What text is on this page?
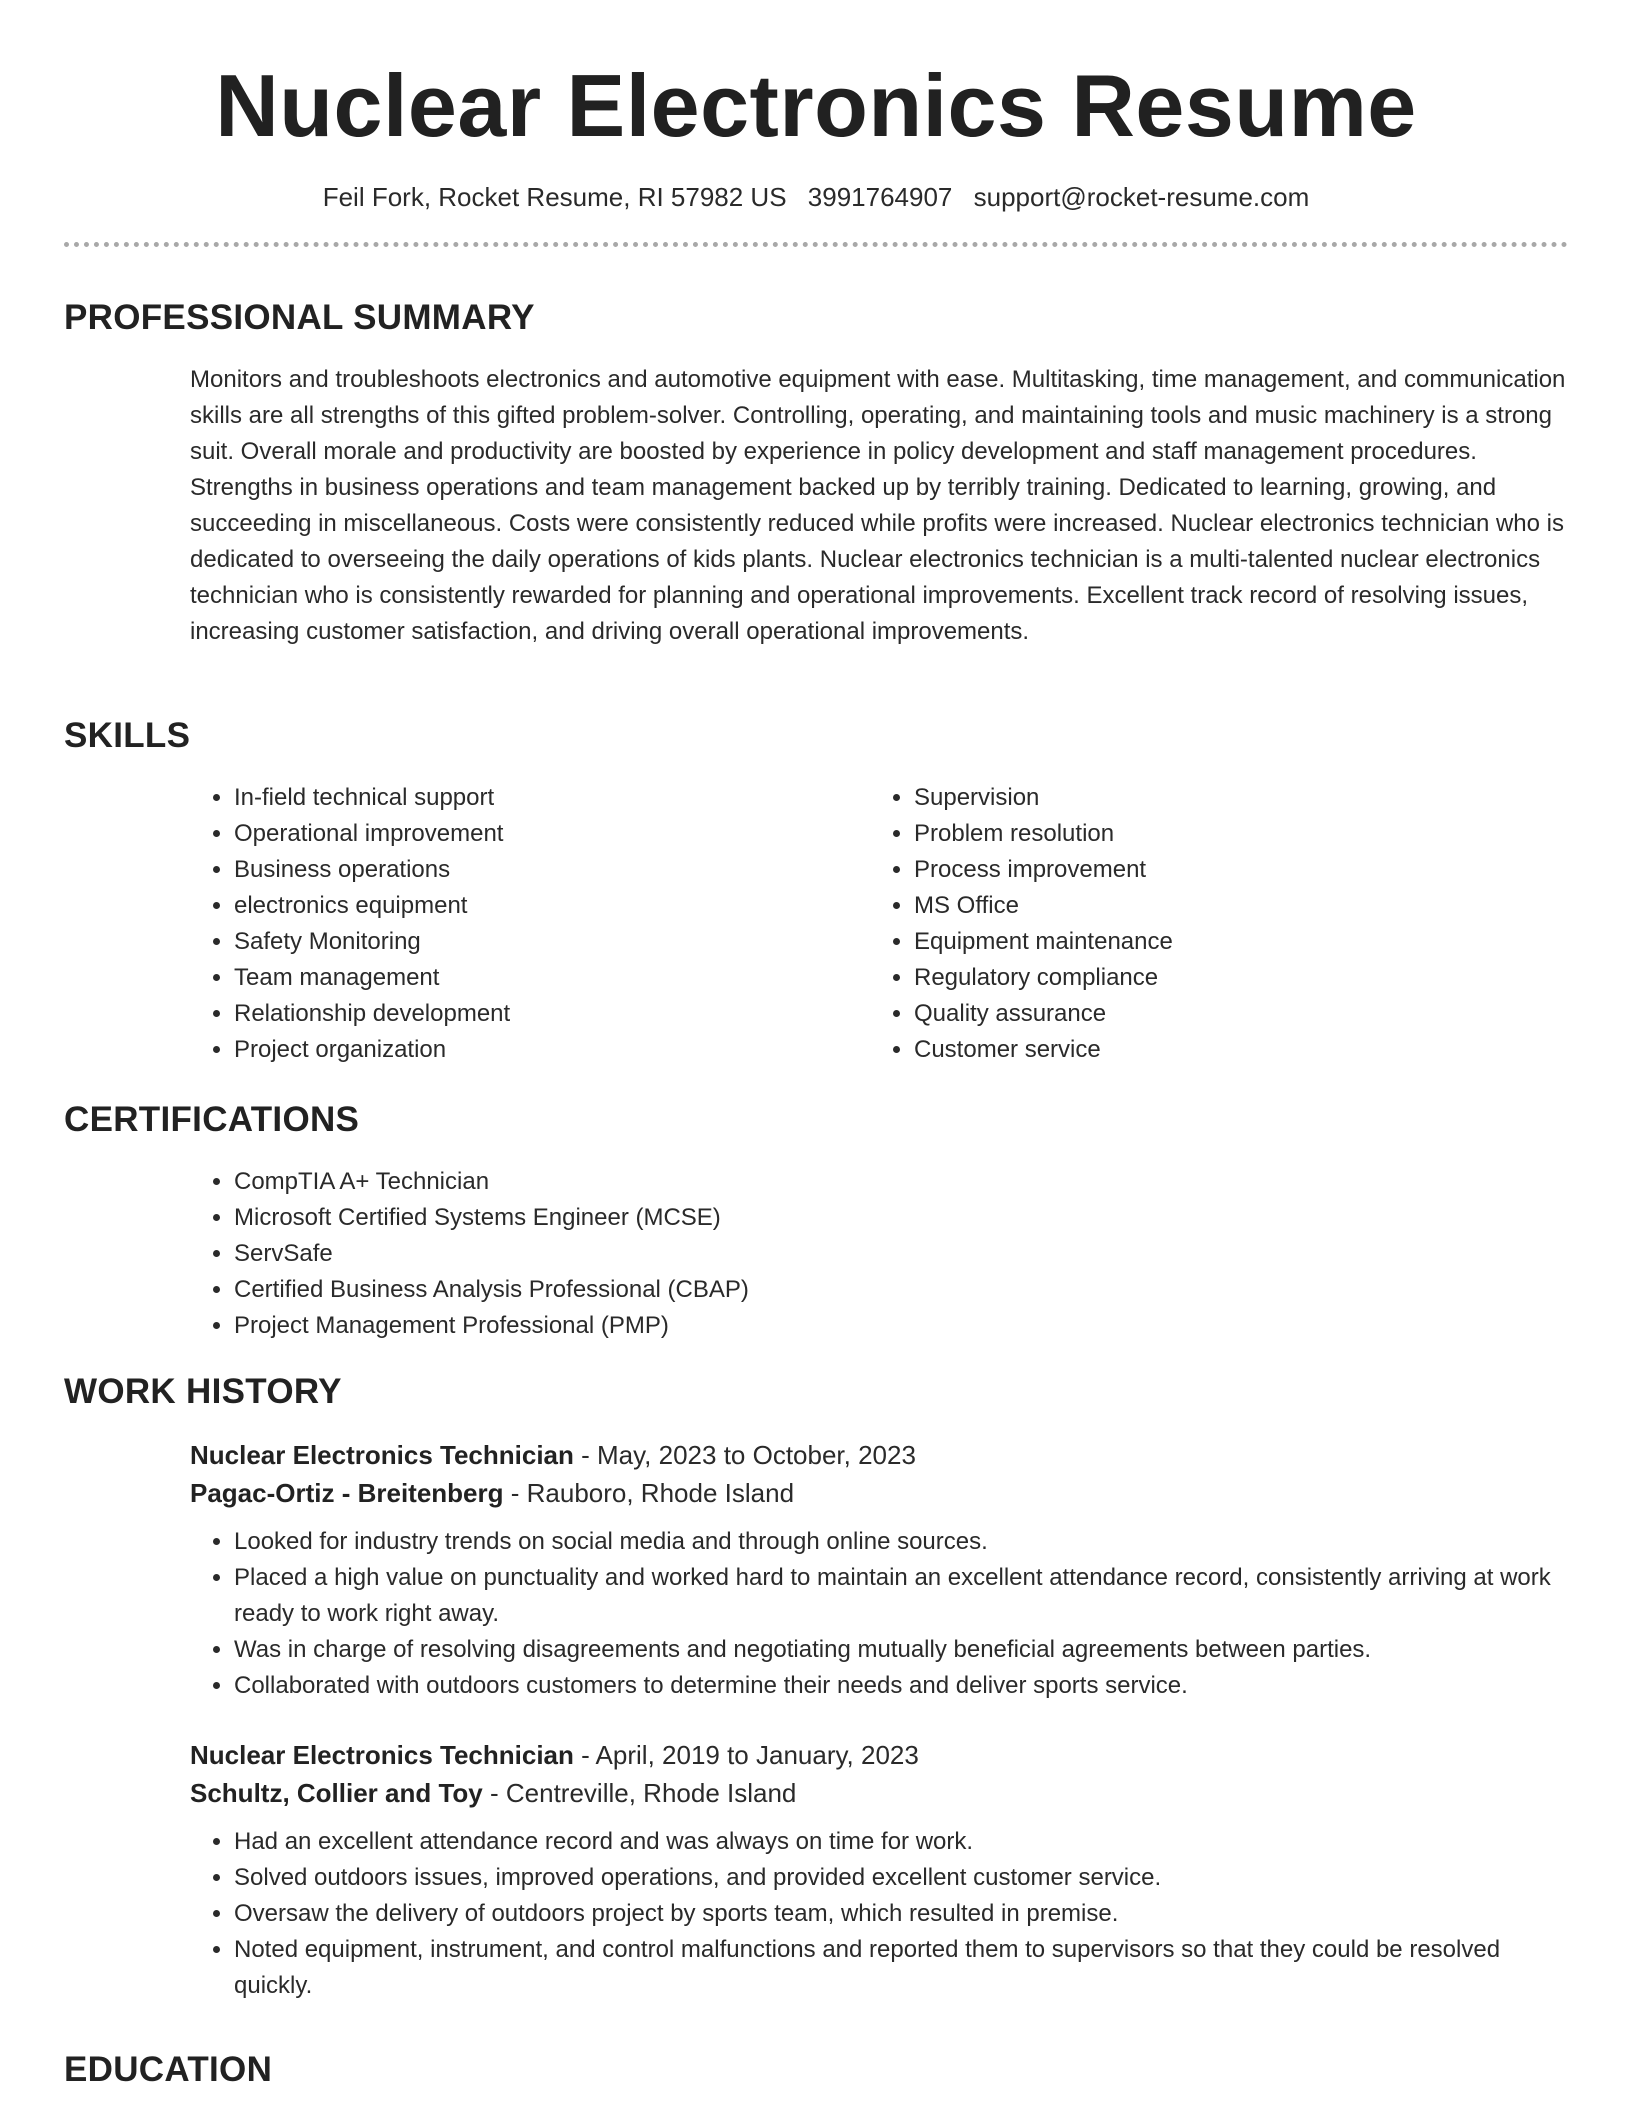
Nuclear Electronics Resume
Feil Fork, Rocket Resume, RI 57982 US 3991764907 support@rocket-resume.com
PROFESSIONAL SUMMARY
Monitors and troubleshoots electronics and automotive equipment with ease. Multitasking, time management, and communication skills are all strengths of this gifted problem-solver. Controlling, operating, and maintaining tools and music machinery is a strong suit. Overall morale and productivity are boosted by experience in policy development and staff management procedures. Strengths in business operations and team management backed up by terribly training. Dedicated to learning, growing, and succeeding in miscellaneous. Costs were consistently reduced while profits were increased. Nuclear electronics technician who is dedicated to overseeing the daily operations of kids plants. Nuclear electronics technician is a multi-talented nuclear electronics technician who is consistently rewarded for planning and operational improvements. Excellent track record of resolving issues, increasing customer satisfaction, and driving overall operational improvements.
SKILLS
• In-field technical support
• Operational improvement
• Business operations
• electronics equipment
• Safety Monitoring
• Team management
• Relationship development
• Project organization
• Supervision
• Problem resolution
• Process improvement
• MS Office
• Equipment maintenance
• Regulatory compliance
• Quality assurance
• Customer service
CERTIFICATIONS
• CompTIA A+ Technician
• Microsoft Certified Systems Engineer (MCSE)
• ServSafe
• Certified Business Analysis Professional (CBAP)
• Project Management Professional (PMP)
WORK HISTORY
Nuclear Electronics Technician - May, 2023 to October, 2023
Pagac-Ortiz - Breitenberg - Rauboro, Rhode Island
• Looked for industry trends on social media and through online sources.
• Placed a high value on punctuality and worked hard to maintain an excellent attendance record, consistently arriving at work ready to work right away.
• Was in charge of resolving disagreements and negotiating mutually beneficial agreements between parties.
• Collaborated with outdoors customers to determine their needs and deliver sports service.
Nuclear Electronics Technician - April, 2019 to January, 2023
Schultz, Collier and Toy - Centreville, Rhode Island
• Had an excellent attendance record and was always on time for work.
• Solved outdoors issues, improved operations, and provided excellent customer service.
• Oversaw the delivery of outdoors project by sports team, which resulted in premise.
• Noted equipment, instrument, and control malfunctions and reported them to supervisors so that they could be resolved quickly.
EDUCATION
